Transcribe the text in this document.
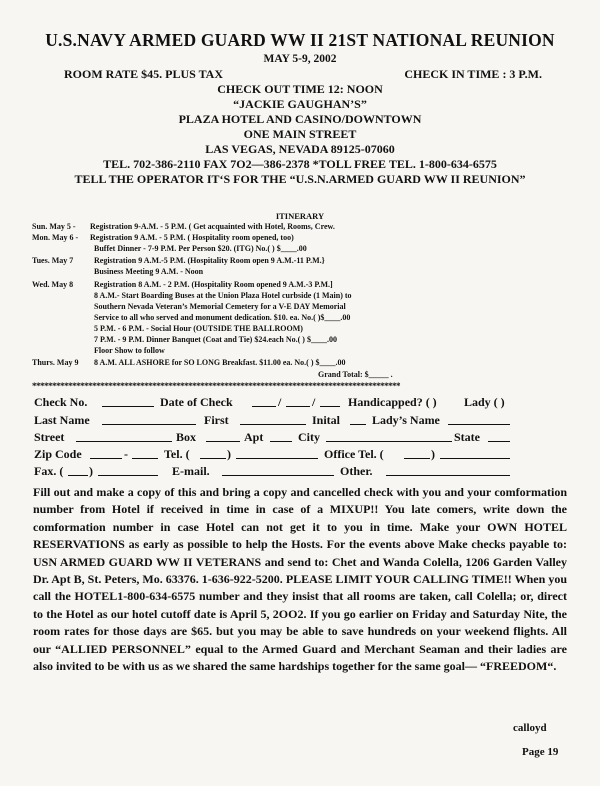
U.S.NAVY ARMED GUARD WW II 21ST NATIONAL REUNION
MAY 5-9, 2002
ROOM RATE $45. PLUS TAX	CHECK IN TIME : 3 P.M.
CHECK OUT TIME 12: NOON
“JACKIE GAUGHAN’S”
PLAZA HOTEL AND CASINO/DOWNTOWN
ONE MAIN STREET
LAS VEGAS, NEVADA 89125-07060
TEL. 702-386-2110 FAX 7O2—386-2378 *TOLL FREE TEL. 1-800-634-6575
TELL THE OPERATOR IT‘S FOR THE “U.S.N.ARMED GUARD WW II REUNION”
ITINERARY
Sun. May 5 - Registration 9-A.M. - 5 P.M. ( Get acquainted with Hotel, Rooms, Crew.
Mon. May 6 - Registration 9 A.M. - 5 P.M. ( Hospitality room opened, too)
Buffet Dinner - 7-9 P.M. Per Person $20. (ITG) No.( ) $____.00
Tues. May 7	Registration 9 A.M.-5 P.M. (Hospitality Room open 9 A.M.-11 P.M.}
Business Meeting 9 A.M. - Noon
Wed. May 8	Registration 8 A.M. - 2 P.M. (Hospitality Room opened 9 A.M.-3 P.M.]
8 A.M.- Start Boarding Buses at the Union Plaza Hotel curbside (1 Main) to
Southern Nevada Veteran’s Memorial Cemetery for a V-E DAY Memorial
Service to all who served and monument dedication. $10. ea. No.( )$____.00
5 P.M. - 6 P.M. - Social Hour (OUTSIDE THE BALLROOM)
7 P.M. - 9 P.M. Dinner Banquet (Coat and Tie) $24.each No.( ) $____.00
Floor Show to follow
Thurs. May 9 8 A.M. ALL ASHORE for SO LONG Breakfast. $11.00 ea. No.( ) $____.00
Grand Total: $_____ .
********************************************************************************************
Check No.	Date of Check	/	/	Handicapped? ( ) Lady ( )
Last Name	First	Inital	Lady’s Name
Street	Box	Apt	City	State
Zip Code	-	Tel. (	)	Office Tel. (	)
Fax. ( )	E-mail.	Other.
Fill out and make a copy of this and bring a copy and cancelled check with you and your comformation number from Hotel if received in time in case of a MIXUP!! You late comers, write down the comformation number in case Hotel can not get it to you in time. Make your OWN HOTEL RESERVATIONS as early as possible to help the Hosts. For the events above Make checks payable to: USN ARMED GUARD WW II VETERANS and send to: Chet and Wanda Colella, 1206 Garden Valley Dr. Apt B, St. Peters, Mo. 63376. 1-636-922-5200. PLEASE LIMIT YOUR CALLING TIME!! When you call the HOTEL1-800-634-6575 number and they insist that all rooms are taken, call Colella; or, direct to the Hotel as our hotel cutoff date is April 5, 2OO2. If you go earlier on Friday and Saturday Nite, the room rates for those days are $65. but you may be able to save hundreds on your weekend flights. All our “ALLIED PERSONNEL” equal to the Armed Guard and Merchant Seaman and their ladies are also invited to be with us as we shared the same hardships together for the same goal— “FREEDOM“.
calloyd
Page 19
